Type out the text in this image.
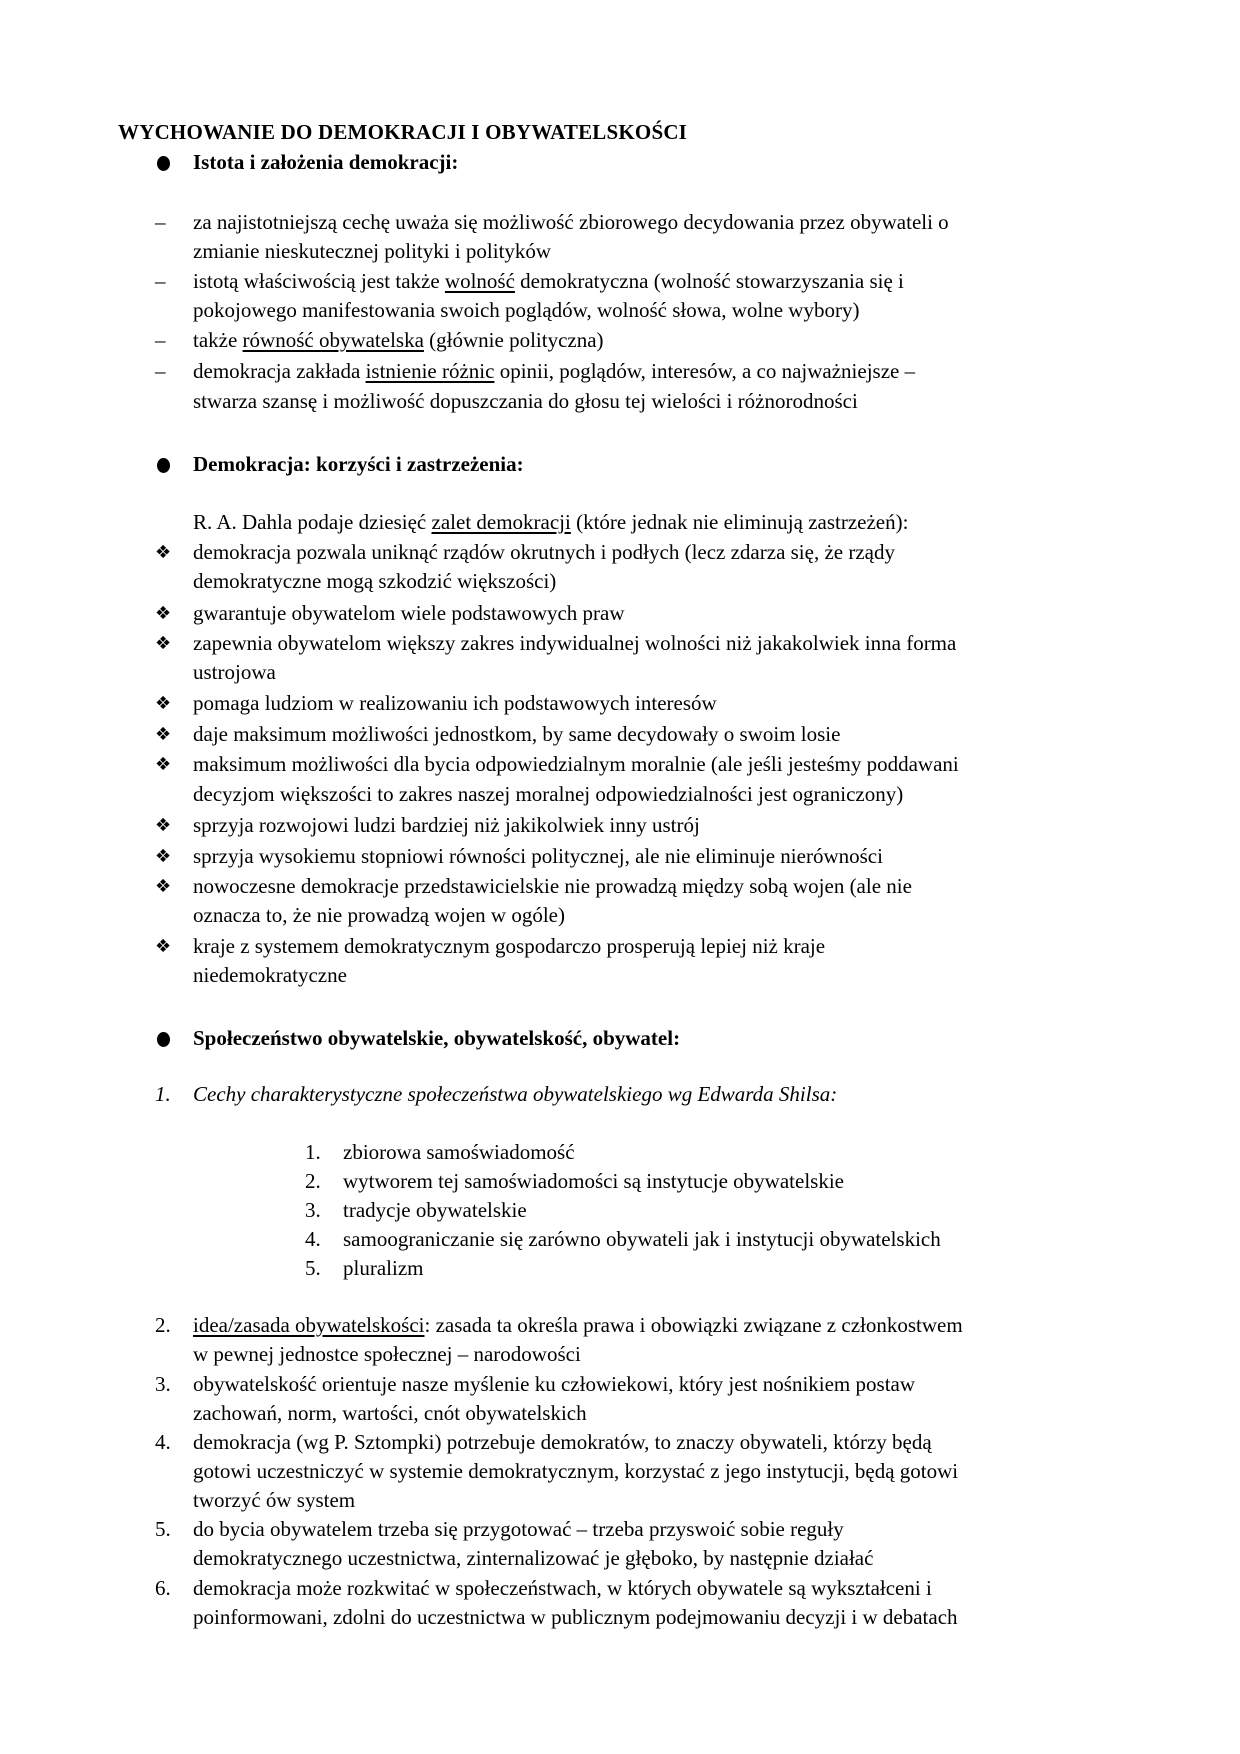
WYCHOWANIE DO DEMOKRACJI I OBYWATELSKOŚCI
Istota i założenia demokracji:
– za najistotniejszą cechę uważa się możliwość zbiorowego decydowania przez obywateli o
zmianie nieskutecznej polityki i polityków
– istotą właściwością jest także wolność demokratyczna (wolność stowarzyszania się i
pokojowego manifestowania swoich poglądów, wolność słowa, wolne wybory)
– także równość obywatelska (głównie polityczna)
– demokracja zakłada istnienie różnic opinii, poglądów, interesów, a co najważniejsze –
stwarza szansę i możliwość dopuszczania do głosu tej wielości i różnorodności
Demokracja: korzyści i zastrzeżenia:
R. A. Dahla podaje dziesięć zalet demokracji (które jednak nie eliminują zastrzeżeń):
❖ demokracja pozwala uniknąć rządów okrutnych i podłych (lecz zdarza się, że rządy
demokratyczne mogą szkodzić większości)
❖ gwarantuje obywatelom wiele podstawowych praw
❖ zapewnia obywatelom większy zakres indywidualnej wolności niż jakakolwiek inna forma
ustrojowa
❖ pomaga ludziom w realizowaniu ich podstawowych interesów
❖ daje maksimum możliwości jednostkom, by same decydowały o swoim losie
❖ maksimum możliwości dla bycia odpowiedzialnym moralnie (ale jeśli jesteśmy poddawani
decyzjom większości to zakres naszej moralnej odpowiedzialności jest ograniczony)
❖ sprzyja rozwojowi ludzi bardziej niż jakikolwiek inny ustrój
❖ sprzyja wysokiemu stopniowi równości politycznej, ale nie eliminuje nierówności
❖ nowoczesne demokracje przedstawicielskie nie prowadzą między sobą wojen (ale nie
oznacza to, że nie prowadzą wojen w ogóle)
❖ kraje z systemem demokratycznym gospodarczo prosperują lepiej niż kraje
niedemokratyczne
Społeczeństwo obywatelskie, obywatelskość, obywatel:
1. Cechy charakterystyczne społeczeństwa obywatelskiego wg Edwarda Shilsa:
1. zbiorowa samoświadomość
2. wytworem tej samoświadomości są instytucje obywatelskie
3. tradycje obywatelskie
4. samoograniczanie się zarówno obywateli jak i instytucji obywatelskich
5. pluralizm
2. idea/zasada obywatelskości: zasada ta określa prawa i obowiązki związane z członkostwem
w pewnej jednostce społecznej – narodowości
3. obywatelskość orientuje nasze myślenie ku człowiekowi, który jest nośnikiem postaw
zachowań, norm, wartości, cnót obywatelskich
4. demokracja (wg P. Sztompki) potrzebuje demokratów, to znaczy obywateli, którzy będą
gotowi uczestniczyć w systemie demokratycznym, korzystać z jego instytucji, będą gotowi
tworzyć ów system
5. do bycia obywatelem trzeba się przygotować – trzeba przyswoić sobie reguły
demokratycznego uczestnictwa, zinternalizować je głęboko, by następnie działać
6. demokracja może rozkwitać w społeczeństwach, w których obywatele są wykształceni i
poinformowani, zdolni do uczestnictwa w publicznym podejmowaniu decyzji i w debatach
